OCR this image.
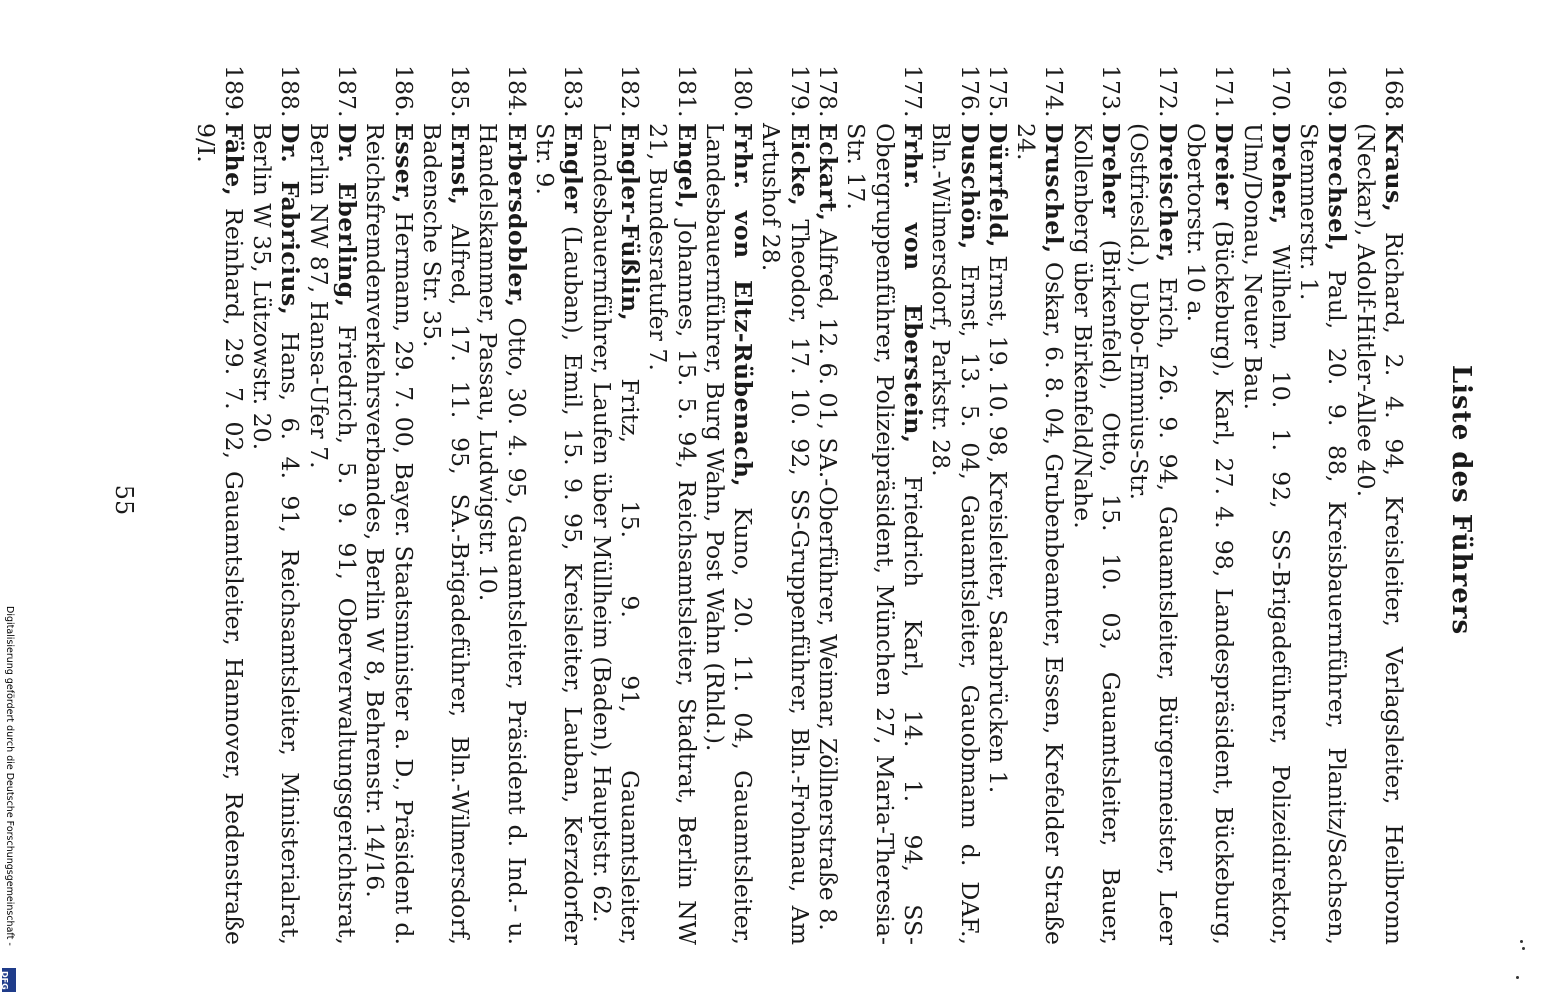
Liste des Führers
168.
Kraus, Richard, 2. 4. 94, Kreisleiter, Verlagsleiter, Heilbronn (Neckar), Adolf-Hitler-Allee 40.
169.
Drechsel, Paul, 20. 9. 88, Kreisbauernführer, Planitz/Sachsen, Stemmerstr. 1.
170.
Dreher, Wilhelm, 10. 1. 92, SS-Brigadeführer, Polizeidirektor, Ulm/Donau, Neuer Bau.
171.
Dreier (Bückeburg), Karl, 27. 4. 98, Landespräsident, Bückeburg, Obertorstr. 10 a.
172.
Dreischer, Erich, 26. 9. 94, Gauamtsleiter, Bürgermeister, Leer (Ostfriesld.), Ubbo-Emmius-Str.
173.
Dreher (Birkenfeld), Otto, 15. 10. 03, Gauamtsleiter, Bauer, Kollenberg über Birkenfeld/Nahe.
174.
Druschel, Oskar, 6. 8. 04, Grubenbeamter, Essen, Krefelder Straße 24.
175.
Dürrfeld, Ernst, 19. 10. 98, Kreisleiter, Saarbrücken 1.
176.
Duschön, Ernst, 13. 5. 04, Gauamtsleiter, Gauobmann d. DAF., Bln.-Wilmersdorf, Parkstr. 28.
177.
Frhr. von Eberstein, Friedrich Karl, 14. 1. 94, SS-Obergruppenführer, Polizeipräsident, München 27, Maria-Theresia-Str. 17.
178.
Eckart, Alfred, 12. 6. 01, SA.-Oberführer, Weimar, Zöllnerstraße 8.
179.
Eicke, Theodor, 17. 10. 92, SS-Gruppenführer, Bln.-Frohnau, Am Artushof 28.
180.
Frhr. von Eltz-Rübenach, Kuno, 20. 11. 04, Gauamtsleiter, Landesbauernführer, Burg Wahn, Post Wahn (Rhld.).
181.
Engel, Johannes, 15. 5. 94, Reichsamtsleiter, Stadtrat, Berlin NW 21, Bundesratufer 7.
182.
Engler-Füßlin, Fritz, 15. 9. 91, Gauamtsleiter, Landesbauernführer, Laufen über Müllheim (Baden), Hauptstr. 62.
183.
Engler (Lauban), Emil, 15. 9. 95, Kreisleiter, Lauban, Kerzdorfer Str. 9.
184.
Erbersdobler, Otto, 30. 4. 95, Gauamtsleiter, Präsident d. Ind.- u. Handelskammer, Passau, Ludwigstr. 10.
185.
Ernst, Alfred, 17. 11. 95, SA.-Brigadeführer, Bln.-Wilmersdorf, Badensche Str. 35.
186.
Esser, Hermann, 29. 7. 00, Bayer. Staatsminister a. D., Präsident d. Reichsfremdenverkehrsverbandes, Berlin W 8, Behrenstr. 14/16.
187.
Dr. Eberling, Friedrich, 5. 9. 91, Oberverwaltungsgerichtsrat, Berlin NW 87, Hansa-Ufer 7.
188.
Dr. Fabricius, Hans, 6. 4. 91, Reichsamtsleiter, Ministerialrat, Berlin W 35, Lützowstr. 20.
189.
Fähe, Reinhard, 29. 7. 02, Gauamtsleiter, Hannover, Redenstraße 9/I.
55
Digitalisierung gefördert durch die Deutsche Forschungsgemeinschaft -
DFG
